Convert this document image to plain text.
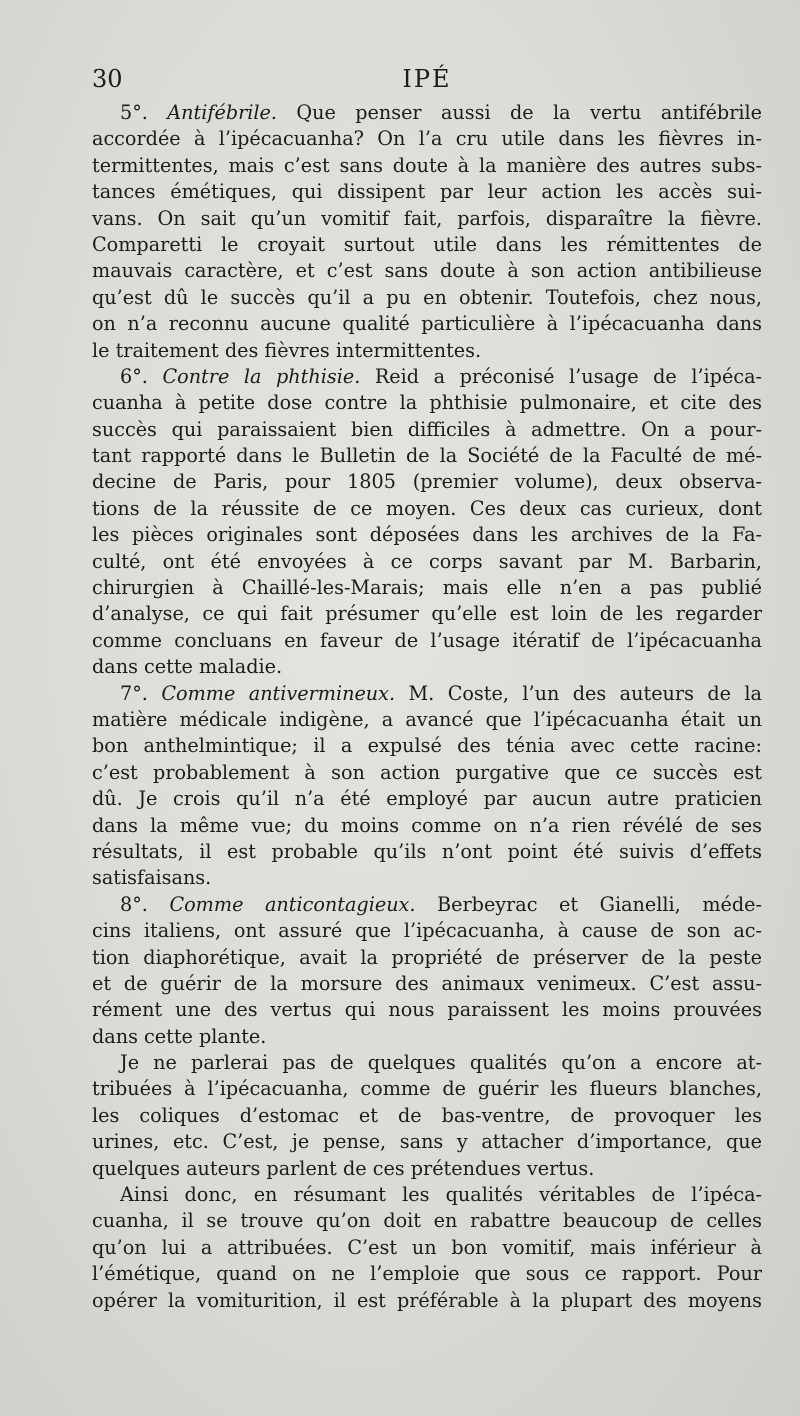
30	IPÉ
5°. Antifébrile. Que penser aussi de la vertu antifébrile
accordée à l’ipécacuanha? On l’a cru utile dans les fièvres in-
termittentes, mais c’est sans doute à la manière des autres subs-
tances émétiques, qui dissipent par leur action les accès sui-
vans. On sait qu’un vomitif fait, parfois, disparaître la fièvre.
Comparetti le croyait surtout utile dans les rémittentes de
mauvais caractère, et c’est sans doute à son action antibilieuse
qu’est dû le succès qu’il a pu en obtenir. Toutefois, chez nous,
on n’a reconnu aucune qualité particulière à l’ipécacuanha dans
le traitement des fièvres intermittentes.
6°. Contre la phthisie. Reid a préconisé l’usage de l’ipéca-
cuanha à petite dose contre la phthisie pulmonaire, et cite des
succès qui paraissaient bien difficiles à admettre. On a pour-
tant rapporté dans le Bulletin de la Société de la Faculté de mé-
decine de Paris, pour 1805 (premier volume), deux observa-
tions de la réussite de ce moyen. Ces deux cas curieux, dont
les pièces originales sont déposées dans les archives de la Fa-
culté, ont été envoyées à ce corps savant par M. Barbarin,
chirurgien à Chaillé-les-Marais; mais elle n’en a pas publié
d’analyse, ce qui fait présumer qu’elle est loin de les regarder
comme concluans en faveur de l’usage itératif de l’ipécacuanha
dans cette maladie.
7°. Comme antivermineux. M. Coste, l’un des auteurs de la
matière médicale indigène, a avancé que l’ipécacuanha était un
bon anthelmintique; il a expulsé des ténia avec cette racine:
c’est probablement à son action purgative que ce succès est
dû. Je crois qu’il n’a été employé par aucun autre praticien
dans la même vue; du moins comme on n’a rien révélé de ses
résultats, il est probable qu’ils n’ont point été suivis d’effets
satisfaisans.
8°. Comme anticontagieux. Berbeyrac et Gianelli, méde-
cins italiens, ont assuré que l’ipécacuanha, à cause de son ac-
tion diaphorétique, avait la propriété de préserver de la peste
et de guérir de la morsure des animaux venimeux. C’est assu-
rément une des vertus qui nous paraissent les moins prouvées
dans cette plante.
Je ne parlerai pas de quelques qualités qu’on a encore at-
tribuées à l’ipécacuanha, comme de guérir les flueurs blanches,
les coliques d’estomac et de bas-ventre, de provoquer les
urines, etc. C’est, je pense, sans y attacher d’importance, que
quelques auteurs parlent de ces prétendues vertus.
Ainsi donc, en résumant les qualités véritables de l’ipéca-
cuanha, il se trouve qu’on doit en rabattre beaucoup de celles
qu’on lui a attribuées. C’est un bon vomitif, mais inférieur à
l’émétique, quand on ne l’emploie que sous ce rapport. Pour
opérer la vomiturition, il est préférable à la plupart des moyens
